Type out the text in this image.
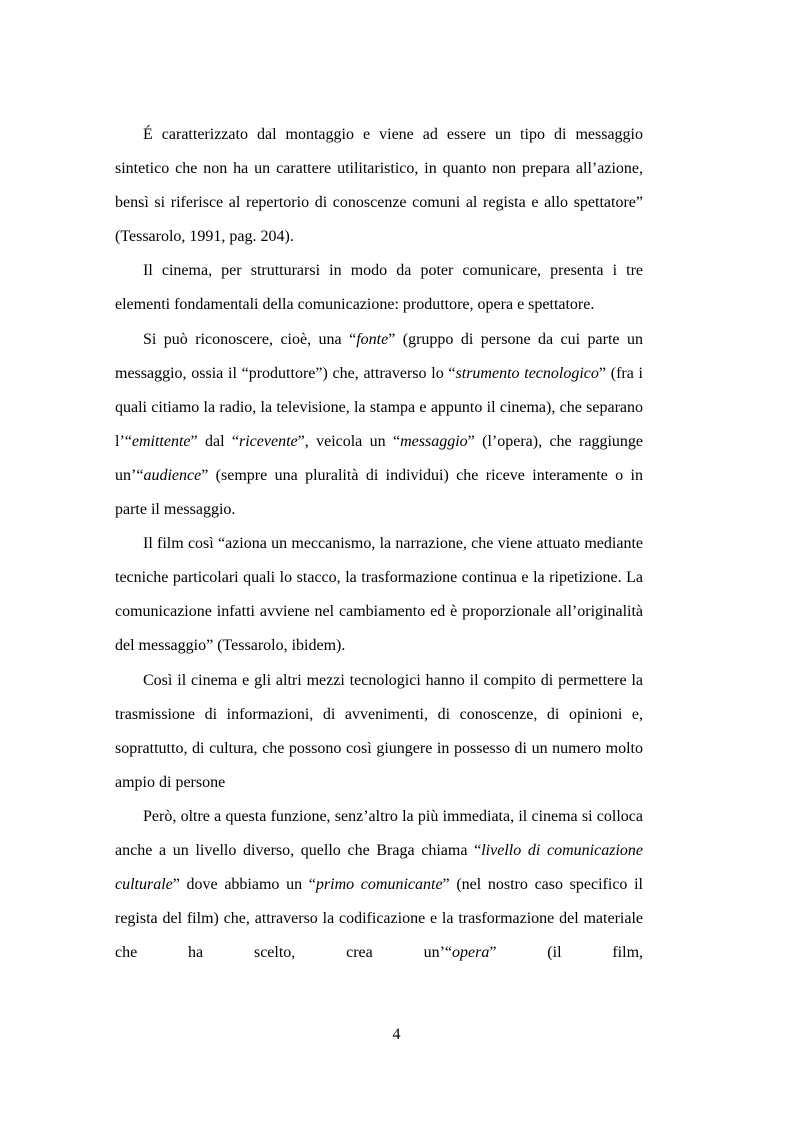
É caratterizzato dal montaggio e viene ad essere un tipo di messaggio sintetico che non ha un carattere utilitaristico, in quanto non prepara all’azione, bensì si riferisce al repertorio di conoscenze comuni al regista e allo spettatore” (Tessarolo, 1991, pag. 204).

Il cinema, per strutturarsi in modo da poter comunicare, presenta i tre elementi fondamentali della comunicazione: produttore, opera e spettatore.

Si può riconoscere, cioè, una “fonte” (gruppo di persone da cui parte un messaggio, ossia il “produttore”) che, attraverso lo “strumento tecnologico” (fra i quali citiamo la radio, la televisione, la stampa e appunto il cinema), che separano l’“emittente” dal “ricevente”, veicola un “messaggio” (l’opera), che raggiunge un’“audience” (sempre una pluralità di individui) che riceve interamente o in parte il messaggio.

Il film così “aziona un meccanismo, la narrazione, che viene attuato mediante tecniche particolari quali lo stacco, la trasformazione continua e la ripetizione. La comunicazione infatti avviene nel cambiamento ed è proporzionale all’originalità del messaggio” (Tessarolo, ibidem).

Così il cinema e gli altri mezzi tecnologici hanno il compito di permettere la trasmissione di informazioni, di avvenimenti, di conoscenze, di opinioni e, soprattutto, di cultura, che possono così giungere in possesso di un numero molto ampio di persone

Però, oltre a questa funzione, senz’altro la più immediata, il cinema si colloca anche a un livello diverso, quello che Braga chiama “livello di comunicazione culturale” dove abbiamo un “primo comunicante” (nel nostro caso specifico il regista del film) che, attraverso la codificazione e la trasformazione del materiale che ha scelto, crea un’“opera” (il film,

4
